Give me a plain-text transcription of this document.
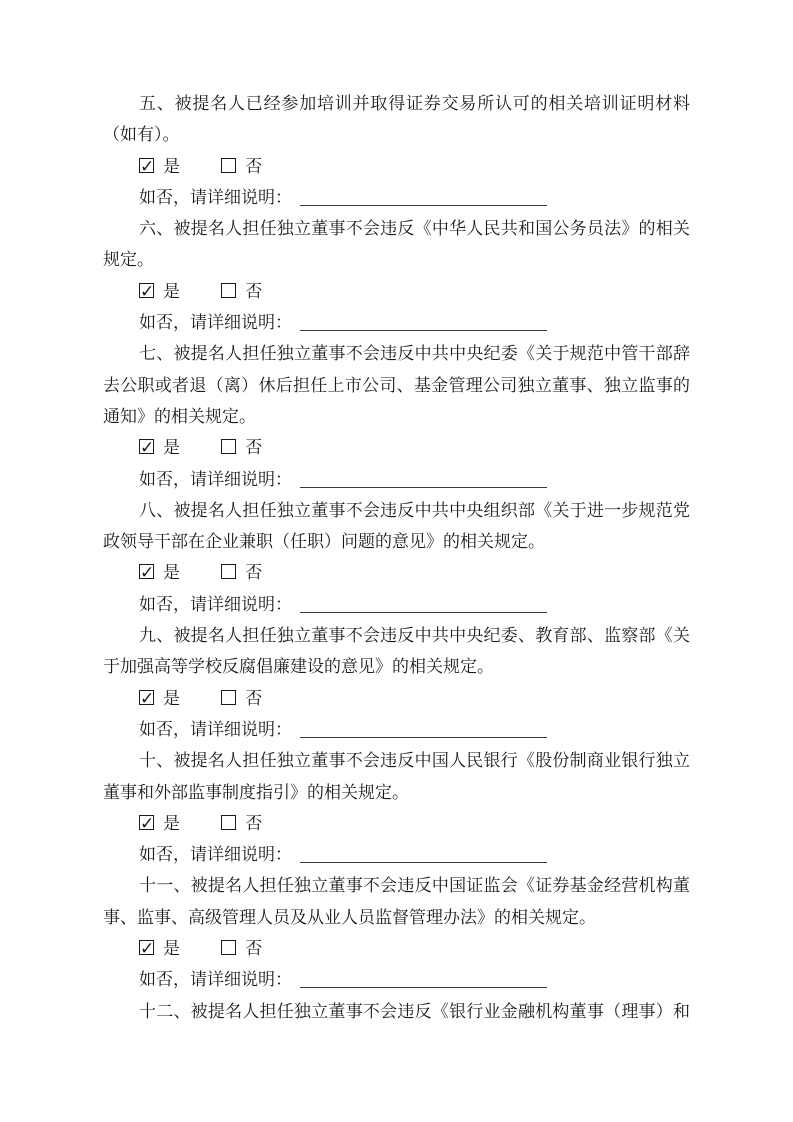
五、被提名人已经参加培训并取得证券交易所认可的相关培训证明材料
（如有）。
✓是	否
如否，请详细说明：
六、被提名人担任独立董事不会违反《中华人民共和国公务员法》的相关
规定。
✓是	否
如否，请详细说明：
七、被提名人担任独立董事不会违反中共中央纪委《关于规范中管干部辞
去公职或者退（离）休后担任上市公司、基金管理公司独立董事、独立监事的
通知》的相关规定。
✓是	否
如否，请详细说明：
八、被提名人担任独立董事不会违反中共中央组织部《关于进一步规范党
政领导干部在企业兼职（任职）问题的意见》的相关规定。
✓是	否
如否，请详细说明：
九、被提名人担任独立董事不会违反中共中央纪委、教育部、监察部《关
于加强高等学校反腐倡廉建设的意见》的相关规定。
✓是	否
如否，请详细说明：
十、被提名人担任独立董事不会违反中国人民银行《股份制商业银行独立
董事和外部监事制度指引》的相关规定。
✓是	否
如否，请详细说明：
十一、被提名人担任独立董事不会违反中国证监会《证券基金经营机构董
事、监事、高级管理人员及从业人员监督管理办法》的相关规定。
✓是	否
如否，请详细说明：
十二、被提名人担任独立董事不会违反《银行业金融机构董事（理事）和
